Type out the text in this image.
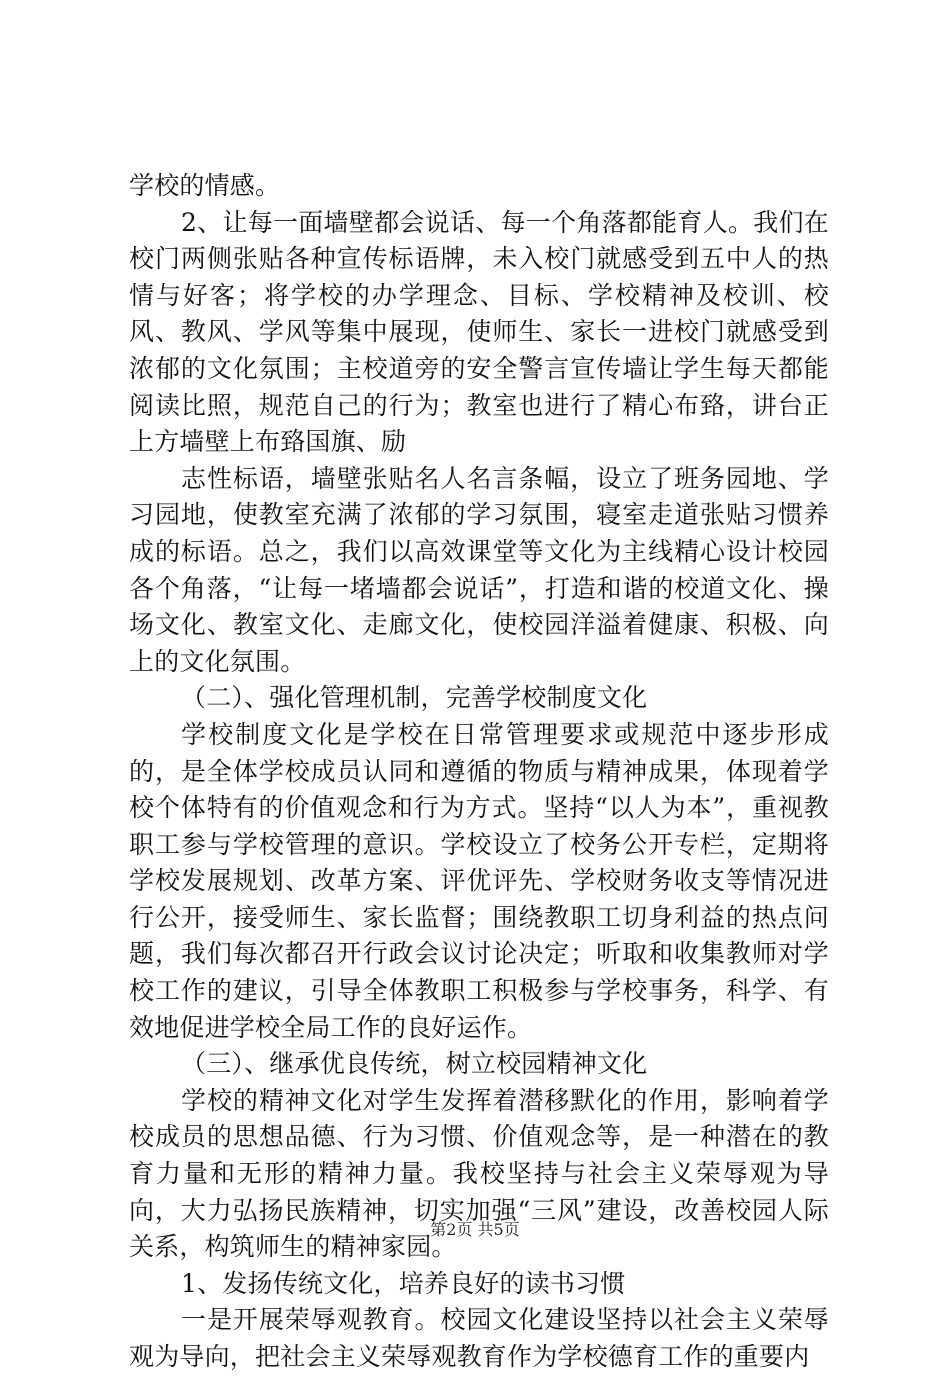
学校的情感。

2、让每一面墙壁都会说话、每一个角落都能育人。我们在校门两侧张贴各种宣传标语牌，未入校门就感受到五中人的热情与好客；将学校的办学理念、目标、学校精神及校训、校风、教风、学风等集中展现，使师生、家长一进校门就感受到浓郁的文化氛围；主校道旁的安全警言宣传墙让学生每天都能阅读比照，规范自己的行为；教室也进行了精心布臵，讲台正上方墙壁上布臵国旗、励

志性标语，墙壁张贴名人名言条幅，设立了班务园地、学习园地，使教室充满了浓郁的学习氛围，寝室走道张贴习惯养成的标语。总之，我们以高效课堂等文化为主线精心设计校园各个角落，“让每一堵墙都会说话”，打造和谐的校道文化、操场文化、教室文化、走廊文化，使校园洋溢着健康、积极、向上的文化氛围。

（二）、强化管理机制，完善学校制度文化

学校制度文化是学校在日常管理要求或规范中逐步形成的，是全体学校成员认同和遵循的物质与精神成果，体现着学校个体特有的价值观念和行为方式。坚持“以人为本”，重视教职工参与学校管理的意识。学校设立了校务公开专栏，定期将学校发展规划、改革方案、评优评先、学校财务收支等情况进行公开，接受师生、家长监督；围绕教职工切身利益的热点问题，我们每次都召开行政会议讨论决定；听取和收集教师对学校工作的建议，引导全体教职工积极参与学校事务，科学、有效地促进学校全局工作的良好运作。

（三）、继承优良传统，树立校园精神文化

学校的精神文化对学生发挥着潜移默化的作用，影响着学校成员的思想品德、行为习惯、价值观念等，是一种潜在的教育力量和无形的精神力量。我校坚持与社会主义荣辱观为导向，大力弘扬民族精神，切实加强“三风”建设，改善校园人际关系，构筑师生的精神家园。

1、发扬传统文化，培养良好的读书习惯

一是开展荣辱观教育。校园文化建设坚持以社会主义荣辱观为导向，把社会主义荣辱观教育作为学校德育工作的重要内

第2页 共5页
